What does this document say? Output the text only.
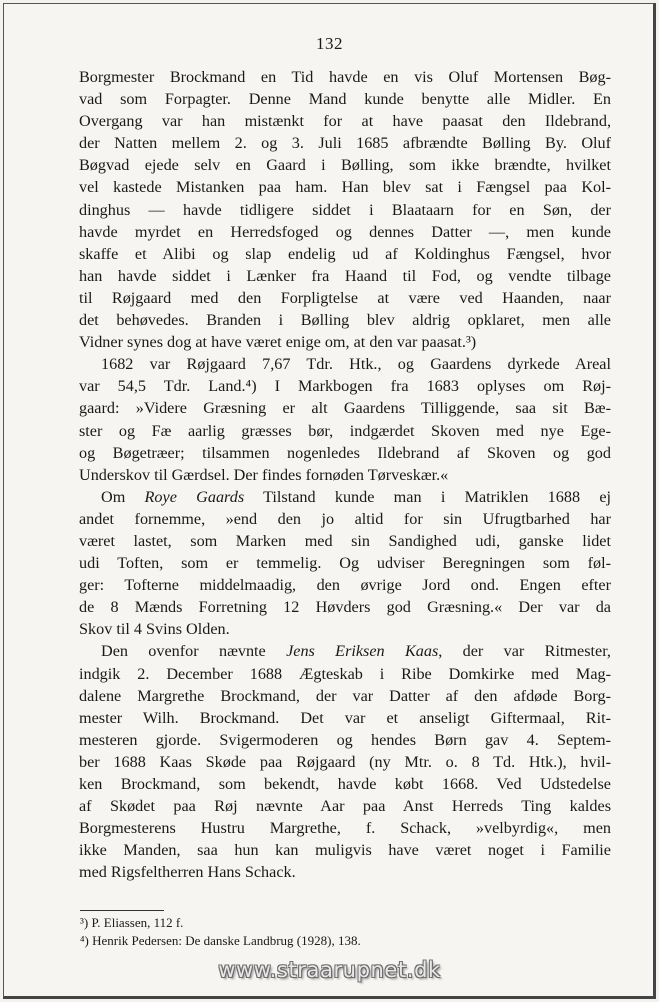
132
Borgmester Brockmand en Tid havde en vis Oluf Mortensen Bøg-
vad som Forpagter. Denne Mand kunde benytte alle Midler. En
Overgang var han mistænkt for at have paasat den Ildebrand,
der Natten mellem 2. og 3. Juli 1685 afbrændte Bølling By. Oluf
Bøgvad ejede selv en Gaard i Bølling, som ikke brændte, hvilket
vel kastede Mistanken paa ham. Han blev sat i Fængsel paa Kol-
dinghus — havde tidligere siddet i Blaataarn for en Søn, der
havde myrdet en Herredsfoged og dennes Datter —, men kunde
skaffe et Alibi og slap endelig ud af Koldinghus Fængsel, hvor
han havde siddet i Lænker fra Haand til Fod, og vendte tilbage
til Røjgaard med den Forpligtelse at være ved Haanden, naar
det behøvedes. Branden i Bølling blev aldrig opklaret, men alle
Vidner synes dog at have været enige om, at den var paasat.³)
1682 var Røjgaard 7,67 Tdr. Htk., og Gaardens dyrkede Areal
var 54,5 Tdr. Land.⁴) I Markbogen fra 1683 oplyses om Røj-
gaard: »Videre Græsning er alt Gaardens Tilliggende, saa sit Bæ-
ster og Fæ aarlig græsses bør, indgærdet Skoven med nye Ege-
og Bøgetræer; tilsammen nogenledes Ildebrand af Skoven og god
Underskov til Gærdsel. Der findes fornøden Tørveskær.«
Om Roye Gaards Tilstand kunde man i Matriklen 1688 ej
andet fornemme, »end den jo altid for sin Ufrugtbarhed har
været lastet, som Marken med sin Sandighed udi, ganske lidet
udi Toften, som er temmelig. Og udviser Beregningen som føl-
ger: Tofterne middelmaadig, den øvrige Jord ond. Engen efter
de 8 Mænds Forretning 12 Høvders god Græsning.« Der var da
Skov til 4 Svins Olden.
Den ovenfor nævnte Jens Eriksen Kaas, der var Ritmester,
indgik 2. December 1688 Ægteskab i Ribe Domkirke med Mag-
dalene Margrethe Brockmand, der var Datter af den afdøde Borg-
mester Wilh. Brockmand. Det var et anseligt Giftermaal, Rit-
mesteren gjorde. Svigermoderen og hendes Børn gav 4. Septem-
ber 1688 Kaas Skøde paa Røjgaard (ny Mtr. o. 8 Td. Htk.), hvil-
ken Brockmand, som bekendt, havde købt 1668. Ved Udstedelse
af Skødet paa Røj nævnte Aar paa Anst Herreds Ting kaldes
Borgmesterens Hustru Margrethe, f. Schack, »velbyrdig«, men
ikke Manden, saa hun kan muligvis have været noget i Familie
med Rigsfeltherren Hans Schack.
³) P. Eliassen, 112 f.
⁴) Henrik Pedersen: De danske Landbrug (1928), 138.
www.straarupnet.dk
